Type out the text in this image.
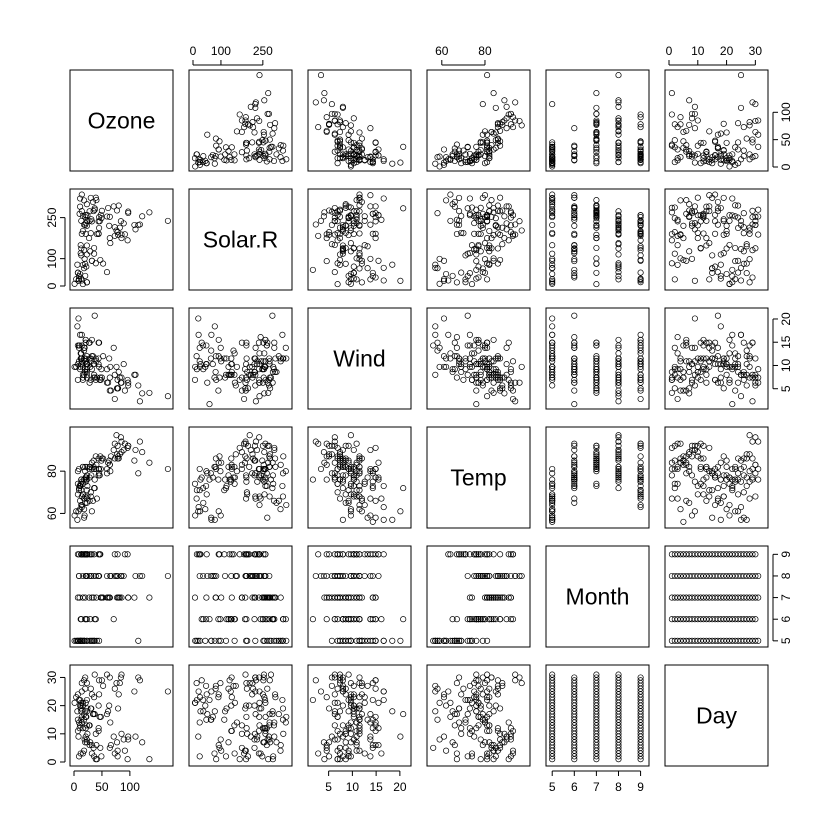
Ozone
Solar.R
Wind
Temp
Month
Day
0 100 250	60 80	0 10 20 30
0 50 100	5 10 15 20	5 6 7 8 9
0
100
250
60
80
0
10
20
30
0
50
100
5
10
15
20
5
6
7
8
9
